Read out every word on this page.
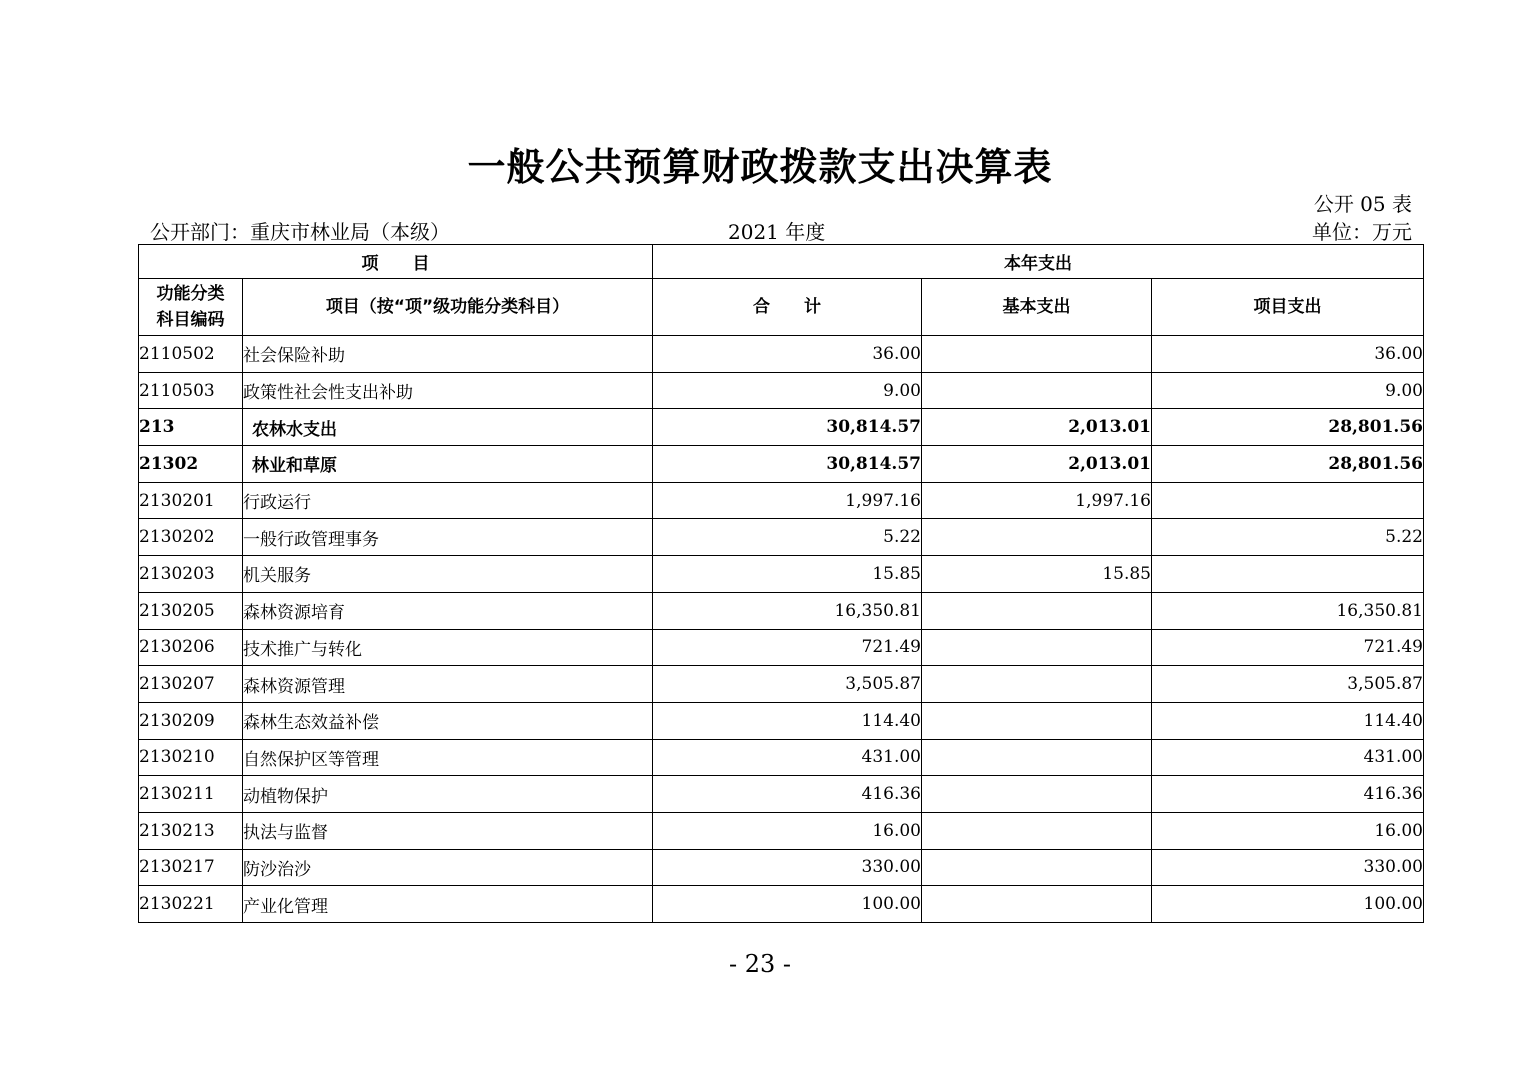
一般公共预算财政拨款支出决算表
公开 05 表
公开部门：重庆市林业局（本级）	2021 年度	单位：万元
项　　目		本年支出		
功能分类
科目编码	项目（按“项”级功能分类科目）	合　　计	基本支出	项目支出
2110502	社会保险补助	36.00		36.00
2110503	政策性社会性支出补助	9.00		9.00
213	农林水支出	30,814.57	2,013.01	28,801.56
21302	林业和草原	30,814.57	2,013.01	28,801.56
2130201	行政运行	1,997.16	1,997.16	
2130202	一般行政管理事务	5.22		5.22
2130203	机关服务	15.85	15.85	
2130205	森林资源培育	16,350.81		16,350.81
2130206	技术推广与转化	721.49		721.49
2130207	森林资源管理	3,505.87		3,505.87
2130209	森林生态效益补偿	114.40		114.40
2130210	自然保护区等管理	431.00		431.00
2130211	动植物保护	416.36		416.36
2130213	执法与监督	16.00		16.00
2130217	防沙治沙	330.00		330.00
2130221	产业化管理	100.00		100.00
- 23 -
